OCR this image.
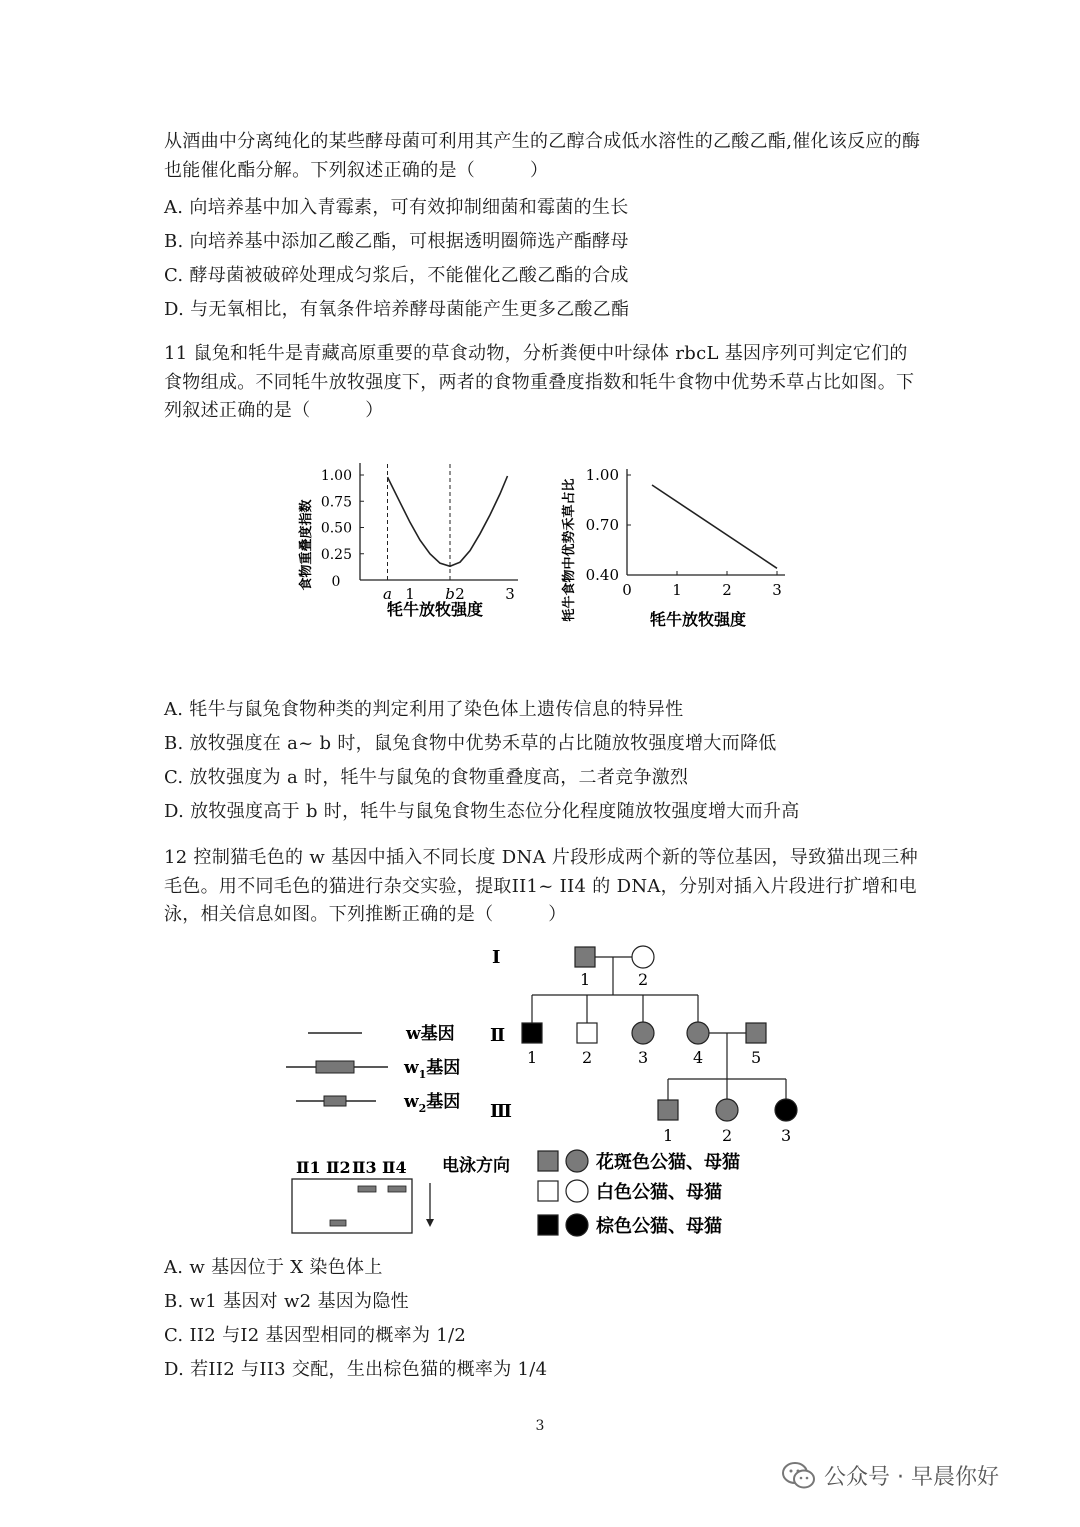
从酒曲中分离纯化的某些酵母菌可利用其产生的乙醇合成低水溶性的乙酸乙酯,催化该反应的酶也能催化酯分解。下列叙述正确的是（　　　）
A. 向培养基中加入青霉素，可有效抑制细菌和霉菌的生长
B. 向培养基中添加乙酸乙酯，可根据透明圈筛选产酯酵母
C. 酵母菌被破碎处理成匀浆后，不能催化乙酸乙酯的合成
D. 与无氧相比，有氧条件培养酵母菌能产生更多乙酸乙酯
11 鼠兔和牦牛是青藏高原重要的草食动物，分析粪便中叶绿体 rbcL 基因序列可判定它们的食物组成。不同牦牛放牧强度下，两者的食物重叠度指数和牦牛食物中优势禾草占比如图。下列叙述正确的是（　　　）
0.25
0.50
0.75
1.00
0
a 1 b 2	3
食物重叠度指数
牦牛放牧强度
0.40
0.70
1.00
0	1	2	3
牦牛食物中优势禾草占比	牦牛放牧强度
A. 牦牛与鼠兔食物种类的判定利用了染色体上遗传信息的特异性
B. 放牧强度在 a~ b 时，鼠兔食物中优势禾草的占比随放牧强度增大而降低
C. 放牧强度为 a 时，牦牛与鼠兔的食物重叠度高，二者竞争激烈
D. 放牧强度高于 b 时，牦牛与鼠兔食物生态位分化程度随放牧强度增大而升高
12 控制猫毛色的 w 基因中插入不同长度 DNA 片段形成两个新的等位基因，导致猫出现三种毛色。用不同毛色的猫进行杂交实验，提取II1~ II4 的 DNA，分别对插入片段进行扩增和电泳，相关信息如图。下列推断正确的是（　　　）
w基因
$w_1$基因
$w_2$基因
Ⅱ1 Ⅱ2 Ⅱ3 Ⅱ4 电泳方向
Ⅰ
Ⅱ
Ⅲ
1	2
1	2	3	4	5
1	2	3
花斑色公猫、母猫
白色公猫、母猫
棕色公猫、母猫
A. w 基因位于 X 染色体上
B. w1 基因对 w2 基因为隐性
C. II2 与I2 基因型相同的概率为 1/2
D. 若II2 与II3 交配，生出棕色猫的概率为 1/4
3
公众号 · 早晨你好
